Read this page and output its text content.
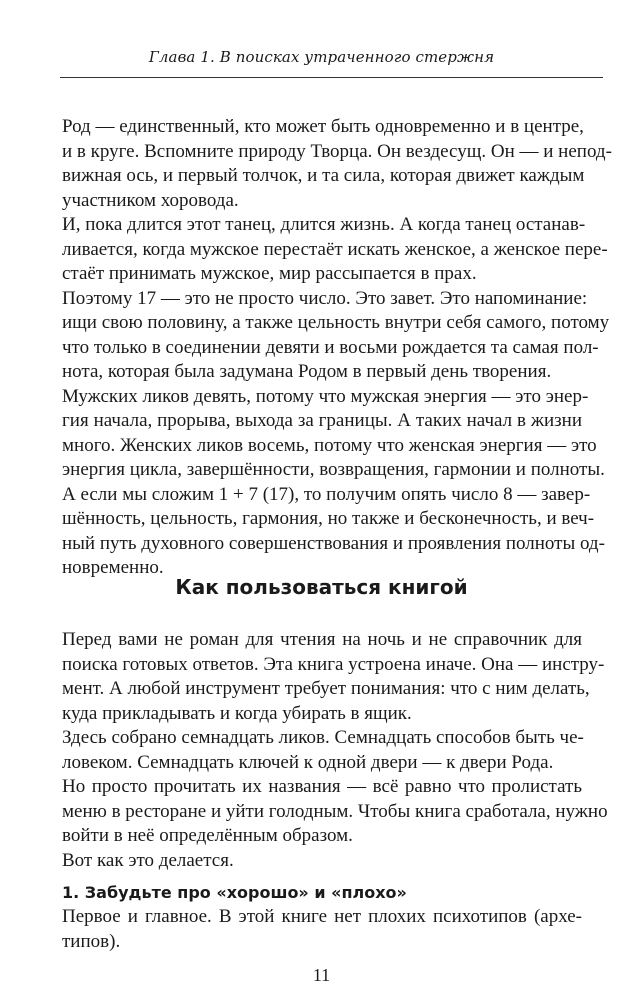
Глава 1. В поисках утраченного стержня

Род — единственный, кто может быть одновременно и в центре,
и в круге. Вспомните природу Творца. Он вездесущ. Он — и непод-
вижная ось, и первый толчок, и та сила, которая движет каждым
участником хоровода.

И, пока длится этот танец, длится жизнь. А когда танец останав-
ливается, когда мужское перестаёт искать женское, а женское пере-
стаёт принимать мужское, мир рассыпается в прах.

Поэтому 17 — это не просто число. Это завет. Это напоминание:
ищи свою половину, а также цельность внутри себя самого, потому
что только в соединении девяти и восьми рождается та самая пол-
нота, которая была задумана Родом в первый день творения.

Мужских ликов девять, потому что мужская энергия — это энер-
гия начала, прорыва, выхода за границы. А таких начал в жизни
много. Женских ликов восемь, потому что женская энергия — это
энергия цикла, завершённости, возвращения, гармонии и полноты.

А если мы сложим 1 + 7 (17), то получим опять число 8 — завер-
шённость, цельность, гармония, но также и бесконечность, и веч-
ный путь духовного совершенствования и проявления полноты од-
новременно.

Как пользоваться книгой

Перед вами не роман для чтения на ночь и не справочник для
поиска готовых ответов. Эта книга устроена иначе. Она — инстру-
мент. А любой инструмент требует понимания: что с ним делать,
куда прикладывать и когда убирать в ящик.

Здесь собрано семнадцать ликов. Семнадцать способов быть че-
ловеком. Семнадцать ключей к одной двери — к двери Рода.

Но просто прочитать их названия — всё равно что пролистать
меню в ресторане и уйти голодным. Чтобы книга сработала, нужно
войти в неё определённым образом.

Вот как это делается.

1. Забудьте про «хорошо» и «плохо»

Первое и главное. В этой книге нет плохих психотипов (архе-
типов).

11
